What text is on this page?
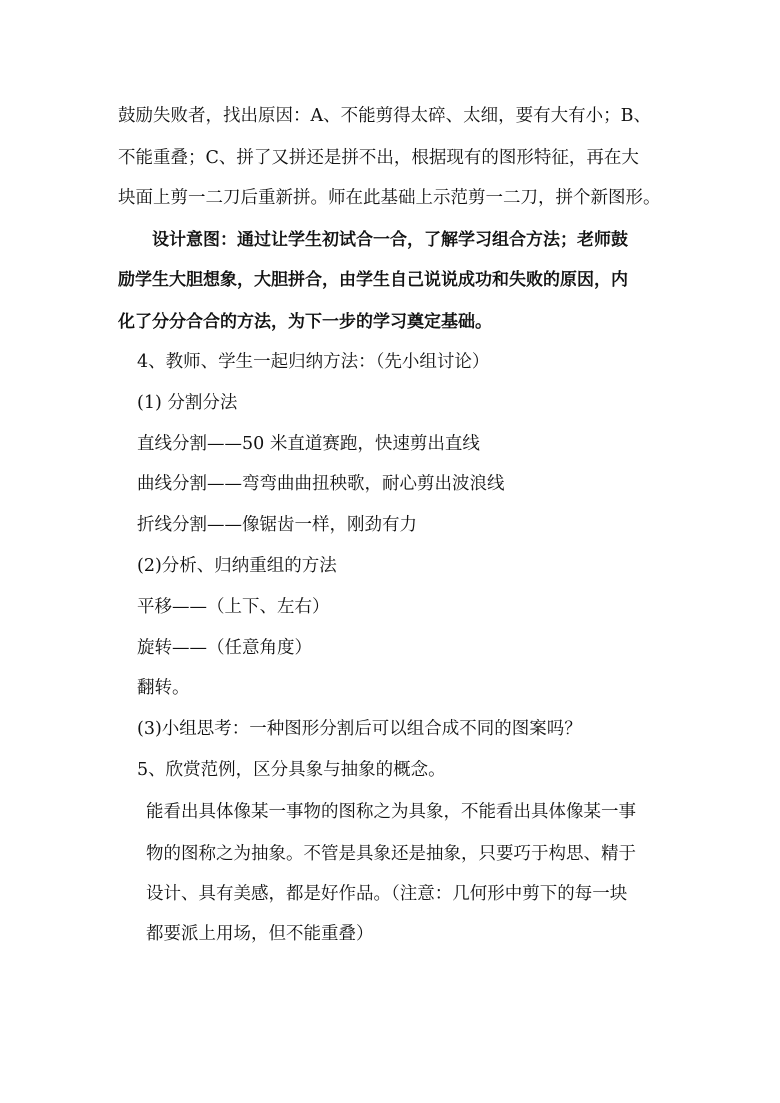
鼓励失败者，找出原因：A、不能剪得太碎、太细，要有大有小；B、
不能重叠；C、拼了又拼还是拼不出，根据现有的图形特征，再在大
块面上剪一二刀后重新拼。师在此基础上示范剪一二刀，拼个新图形。
设计意图：通过让学生初试合一合，了解学习组合方法；老师鼓
励学生大胆想象，大胆拼合，由学生自己说说成功和失败的原因，内
化了分分合合的方法，为下一步的学习奠定基础。
4、教师、学生一起归纳方法：（先小组讨论）
(1) 分割分法
直线分割——50 米直道赛跑，快速剪出直线
曲线分割——弯弯曲曲扭秧歌，耐心剪出波浪线
折线分割——像锯齿一样，刚劲有力
(2)分析、归纳重组的方法
平移——（上下、左右）
旋转——（任意角度）
翻转。
(3)小组思考：一种图形分割后可以组合成不同的图案吗？
5、欣赏范例，区分具象与抽象的概念。
能看出具体像某一事物的图称之为具象，不能看出具体像某一事
物的图称之为抽象。不管是具象还是抽象，只要巧于构思、精于
设计、具有美感，都是好作品。（注意：几何形中剪下的每一块
都要派上用场，但不能重叠）
